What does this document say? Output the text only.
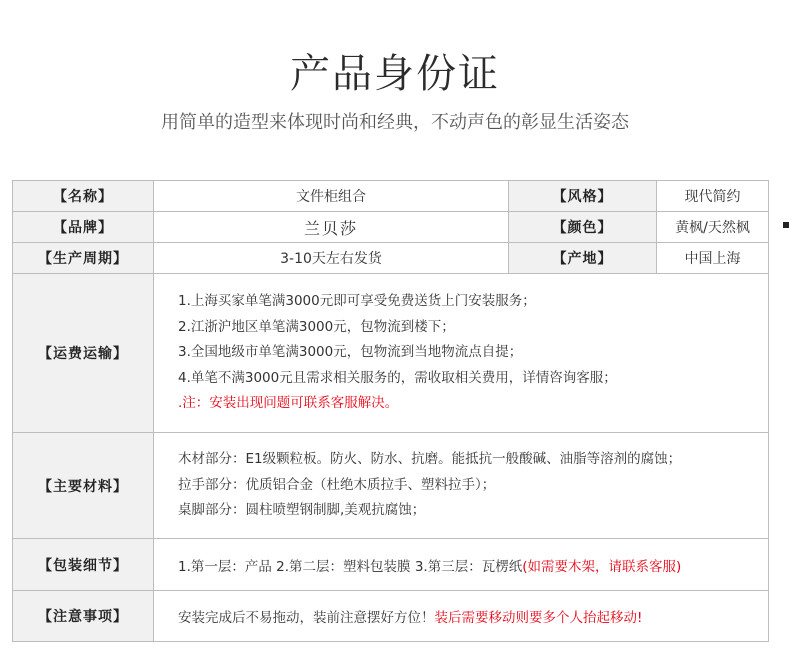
产品身份证
用简单的造型来体现时尚和经典，不动声色的彰显生活姿态
【名称】	文件柜组合	【风格】	现代简约
【品牌】	兰贝莎	【颜色】	黄枫/天然枫
【生产周期】	3-10天左右发货	【产地】	中国上海
【运费运输】
1.上海买家单笔满3000元即可享受免费送货上门安装服务；
2.江浙沪地区单笔满3000元，包物流到楼下；
3.全国地级市单笔满3000元，包物流到当地物流点自提；
4.单笔不满3000元且需求相关服务的，需收取相关费用，详情咨询客服；
.注：安装出现问题可联系客服解决。
【主要材料】
木材部分：E1级颗粒板。防火、防水、抗磨。能抵抗一般酸碱、油脂等溶剂的腐蚀；
拉手部分：优质铝合金（杜绝木质拉手、塑料拉手）；
桌脚部分：圆柱喷塑钢制脚,美观抗腐蚀；
【包装细节】	1.第一层：产品 2.第二层：塑料包装膜 3.第三层：瓦楞纸 (如需要木架，请联系客服)
【注意事项】	安装完成后不易拖动，装前注意摆好方位！ 装后需要移动则要多个人抬起移动!
